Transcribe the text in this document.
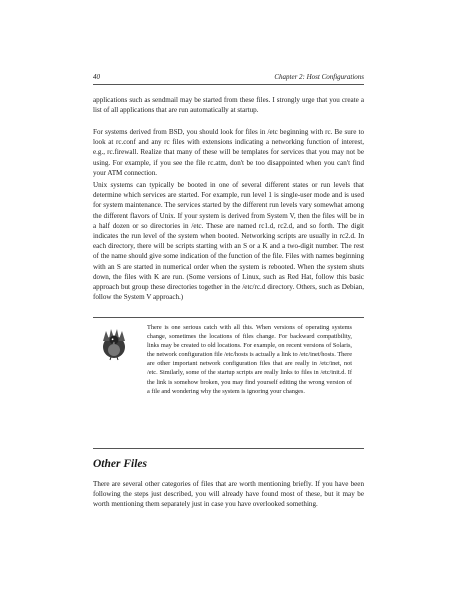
40	Chapter 2: Host Configurations

applications such as sendmail may be started from these files. I strongly urge that you create a list of all applications that are run automatically at startup.

For systems derived from BSD, you should look for files in /etc beginning with rc. Be sure to look at rc.conf and any rc files with extensions indicating a networking function of interest, e.g., rc.firewall. Realize that many of these will be templates for services that you may not be using. For example, if you see the file rc.atm, don't be too disappointed when you can't find your ATM connection.

Unix systems can typically be booted in one of several different states or run levels that determine which services are started. For example, run level 1 is single-user mode and is used for system maintenance. The services started by the different run levels vary somewhat among the different flavors of Unix. If your system is derived from System V, then the files will be in a half dozen or so directories in /etc. These are named rc1.d, rc2.d, and so forth. The digit indicates the run level of the system when booted. Networking scripts are usually in rc2.d. In each directory, there will be scripts starting with an S or a K and a two-digit number. The rest of the name should give some indication of the function of the file. Files with names beginning with an S are started in numerical order when the system is rebooted. When the system shuts down, the files with K are run. (Some versions of Linux, such as Red Hat, follow this basic approach but group these directories together in the /etc/rc.d directory. Others, such as Debian, follow the System V approach.)

There is one serious catch with all this. When versions of operating systems change, sometimes the locations of files change. For backward compatibility, links may be created to old locations. For example, on recent versions of Solaris, the network configuration file /etc/hosts is actually a link to /etc/inet/hosts. There are other important network configuration files that are really in /etc/inet, not /etc. Similarly, some of the startup scripts are really links to files in /etc/init.d. If the link is somehow broken, you may find yourself editing the wrong version of a file and wondering why the system is ignoring your changes.

Other Files

There are several other categories of files that are worth mentioning briefly. If you have been following the steps just described, you will already have found most of these, but it may be worth mentioning them separately just in case you have overlooked something.
